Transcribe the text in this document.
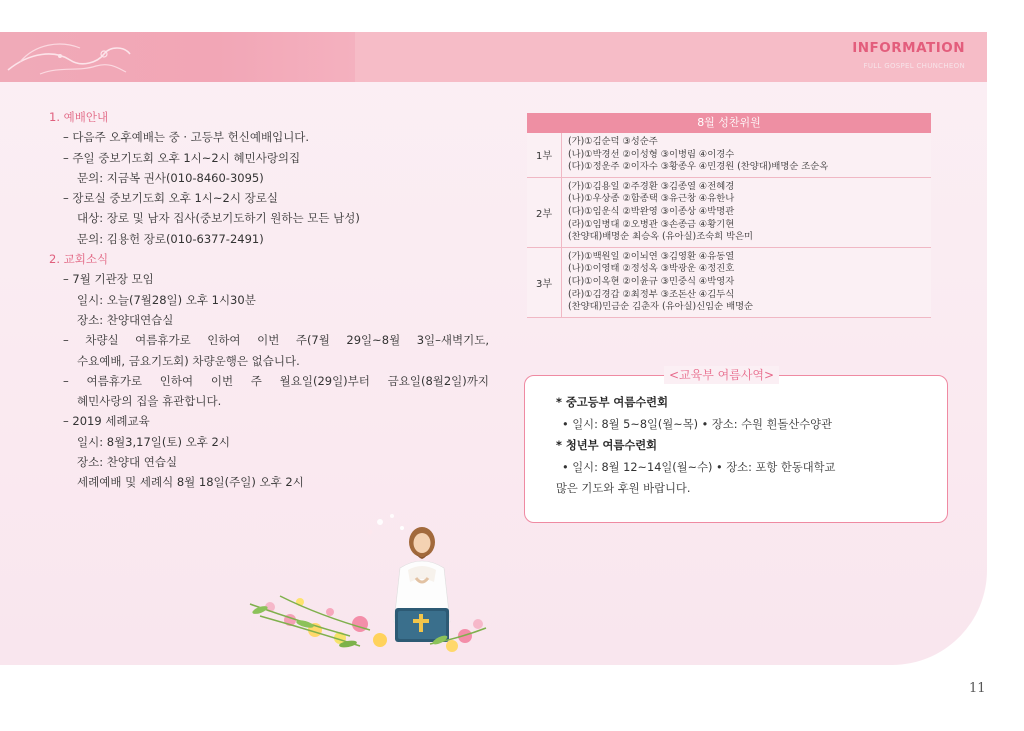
INFORMATION
FULL GOSPEL CHUNCHEON
1. 예배안내
– 다음주 오후예배는 중 · 고등부 헌신예배입니다.
– 주일 중보기도회 오후 1시~2시 혜민사랑의집
문의: 지금복 권사(010-8460-3095)
– 장로실 중보기도회 오후 1시~2시 장로실
대상: 장로 및 남자 집사(중보기도하기 원하는 모든 남성)
문의: 김용헌 장로(010-6377-2491)
2. 교회소식
– 7월 기관장 모임
일시: 오늘(7월28일) 오후 1시30분
장소: 찬양대연습실
– 차량실 여름휴가로 인하여 이번 주(7월 29일~8월 3일–새벽기도,
수요예배, 금요기도회) 차량운행은 없습니다.
– 여름휴가로 인하여 이번 주 월요일(29일)부터 금요일(8월2일)까지
혜민사랑의 집을 휴관합니다.
– 2019 세례교육
일시: 8월3,17일(토) 오후 2시
장소: 찬양대 연습실
세례예배 및 세례식 8월 18일(주일) 오후 2시
8월 성찬위원
1부
(가)①김순덕 ③성순주
(나)①박경선 ②이성형 ③이병림 ④이경수
(다)①정운주 ②이자수 ③황종우 ④민경원 (찬양대)배명순 조순옥
2부
(가)①김용일 ②주경환 ③김종열 ④전혜경
(나)①우상종 ②함종택 ③유근창 ④유한나
(다)①임운식 ②박완영 ③이종상 ④박명관
(라)①임병대 ②오병관 ③손종금 ④황기현
(찬양대)배명순 최승옥 (유아실)조숙희 박은미
3부
(가)①백원일 ②이뇌연 ③김영환 ④유동열
(나)①이영태 ②정성옥 ③박광운 ④정진호
(다)①이옥현 ②이윤규 ③민중식 ④박영자
(라)①김경갑 ②최정부 ③조돈산 ④김두식
(찬양대)민금순 김춘자 (유아실)신임순 배명순
<교육부 여름사역>
* 중고등부 여름수련회
• 일시: 8월 5~8일(월~목) • 장소: 수원 흰돌산수양관
* 청년부 여름수련회
• 일시: 8월 12~14일(월~수) • 장소: 포항 한동대학교
많은 기도와 후원 바랍니다.
11
